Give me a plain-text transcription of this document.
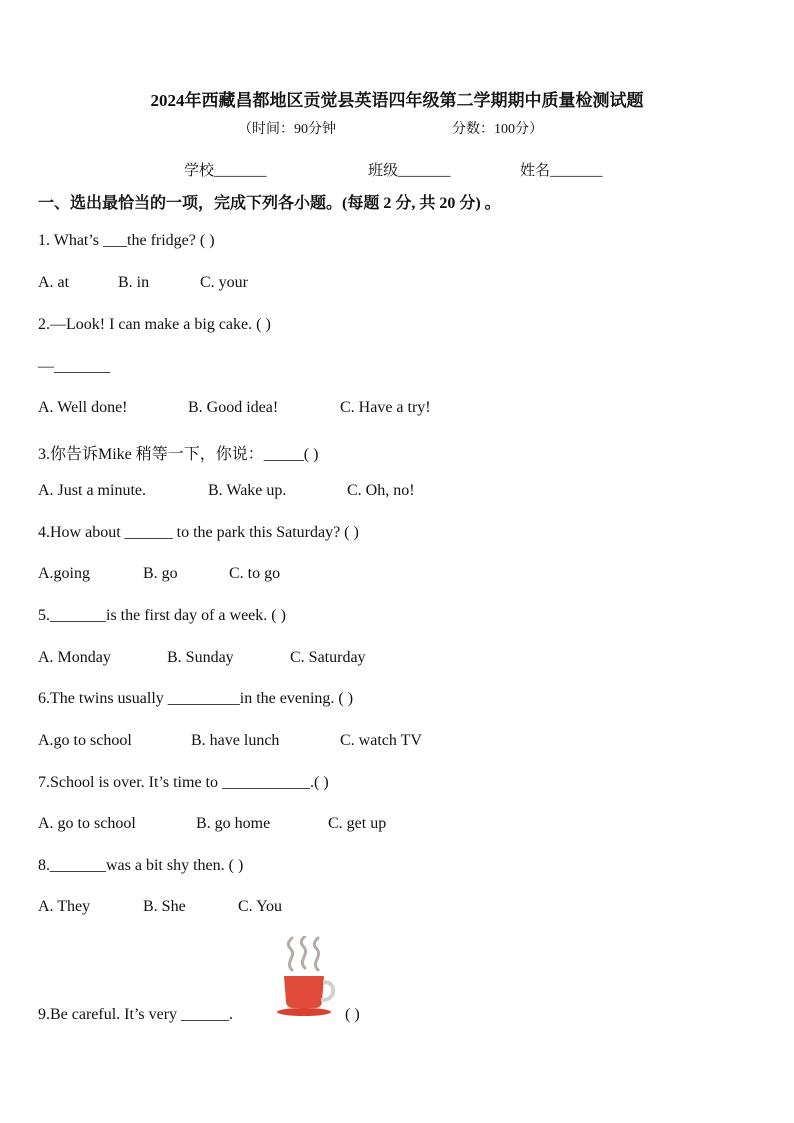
2024年西藏昌都地区贡觉县英语四年级第二学期期中质量检测试题
（时间：90分钟	分数：100分）
学校_______	班级_______	姓名_______
一、选出最恰当的一项，完成下列各小题。(每题 2 分, 共 20 分) 。
1. What’s ___the fridge? ( )
A. at	B. in	C. your
2.—Look! I can make a big cake. ( )
—_______
A. Well done!	B. Good idea!	C. Have a try!
3.你告诉Mike 稍等一下，你说：_____( )
A. Just a minute.	B. Wake up.	C. Oh, no!
4.How about ______ to the park this Saturday? ( )
A.going	B. go	C. to go
5._______is the first day of a week. ( )
A. Monday	B. Sunday	C. Saturday
6.The twins usually _________in the evening. ( )
A.go to school	B. have lunch	C. watch TV
7.School is over. It’s time to ___________.( )
A. go to school	B. go home	C. get up
8._______was a bit shy then. ( )
A. They	B. She	C. You
9.Be careful. It’s very ______.	( )
